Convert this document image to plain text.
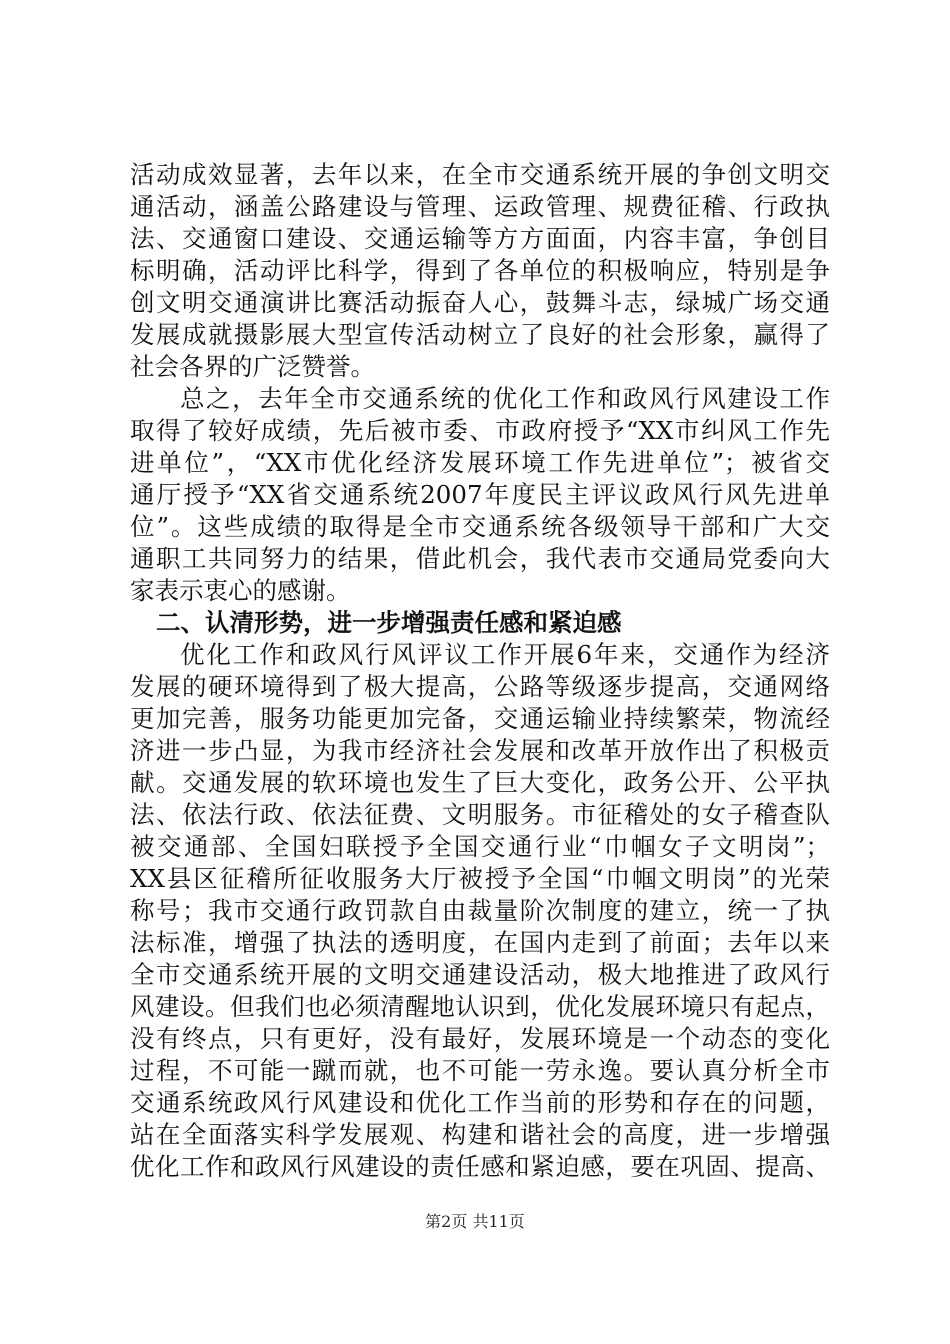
活动成效显著，去年以来，在全市交通系统开展的争创文明交
通活动，涵盖公路建设与管理、运政管理、规费征稽、行政执
法、交通窗口建设、交通运输等方方面面，内容丰富，争创目
标明确，活动评比科学，得到了各单位的积极响应，特别是争
创文明交通演讲比赛活动振奋人心，鼓舞斗志，绿城广场交通
发展成就摄影展大型宣传活动树立了良好的社会形象，赢得了
社会各界的广泛赞誉。
总之，去年全市交通系统的优化工作和政风行风建设工作
取得了较好成绩，先后被市委、市政府授予“XX市纠风工作先
进单位”，“XX市优化经济发展环境工作先进单位”；被省交
通厅授予“XX省交通系统2007年度民主评议政风行风先进单
位”。这些成绩的取得是全市交通系统各级领导干部和广大交
通职工共同努力的结果，借此机会，我代表市交通局党委向大
家表示衷心的感谢。
二、认清形势，进一步增强责任感和紧迫感
优化工作和政风行风评议工作开展6年来，交通作为经济
发展的硬环境得到了极大提高，公路等级逐步提高，交通网络
更加完善，服务功能更加完备，交通运输业持续繁荣，物流经
济进一步凸显，为我市经济社会发展和改革开放作出了积极贡
献。交通发展的软环境也发生了巨大变化，政务公开、公平执
法、依法行政、依法征费、文明服务。市征稽处的女子稽查队
被交通部、全国妇联授予全国交通行业“巾帼女子文明岗”；
XX县区征稽所征收服务大厅被授予全国“巾帼文明岗”的光荣
称号；我市交通行政罚款自由裁量阶次制度的建立，统一了执
法标准，增强了执法的透明度，在国内走到了前面；去年以来
全市交通系统开展的文明交通建设活动，极大地推进了政风行
风建设。但我们也必须清醒地认识到，优化发展环境只有起点，
没有终点，只有更好，没有最好，发展环境是一个动态的变化
过程，不可能一蹴而就，也不可能一劳永逸。要认真分析全市
交通系统政风行风建设和优化工作当前的形势和存在的问题，
站在全面落实科学发展观、构建和谐社会的高度，进一步增强
优化工作和政风行风建设的责任感和紧迫感，要在巩固、提高、
第2页 共11页
